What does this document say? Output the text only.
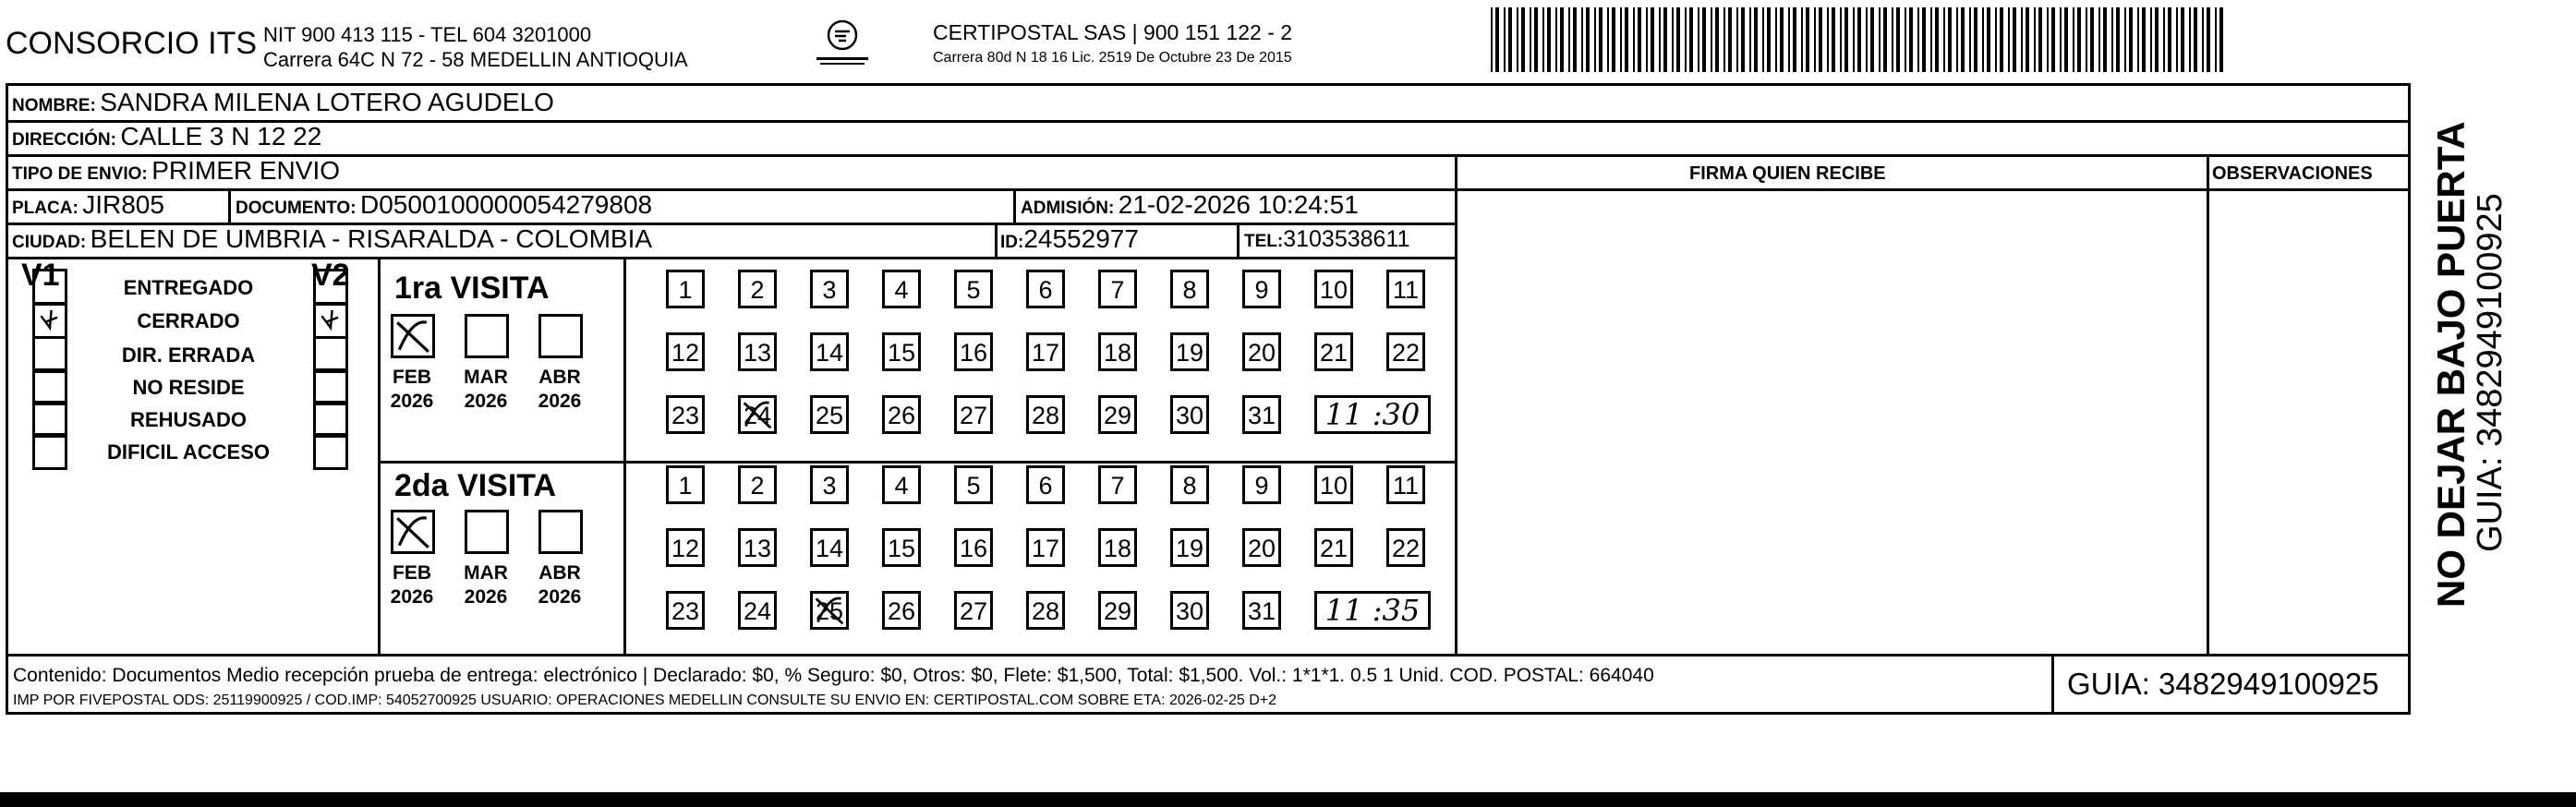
CONSORCIO ITS NIT 900 413 115 - TEL 604 3201000
Carrera 64C N 72 - 58 MEDELLIN ANTIOQUIA
CERTIPOSTAL SAS | 900 151 122 - 2
Carrera 80d N 18 16 Lic. 2519 De Octubre 23 De 2015
NOMBRE: SANDRA MILENA LOTERO AGUDELO
DIRECCIÓN: CALLE 3 N 12 22
TIPO DE ENVIO: PRIMER ENVIO	FIRMA QUIEN RECIBE	OBSERVACIONES
PLACA: JIR805	DOCUMENTO: D0500100000054279808	ADMISIÓN: 21-02-2026 10:24:51
CIUDAD: BELEN DE UMBRIA - RISARALDA - COLOMBIA	ID:24552977	TEL:3103538611
V1	V2
ENTREGADO
CERRADO
DIR. ERRADA
NO RESIDE
REHUSADO
DIFICIL ACCESO
1ra VISITA
FEB
2026
MAR
2026
ABR
2026
1	2	3	4	5	6	7	8	9	10 11
12 13 14 15 16 17 18 19 20 21 22
23 24 25 26 27 28 29 30 31	11 :30
2da VISITA
FEB
2026
MAR
2026
ABR
2026
1	2	3	4	5	6	7	8	9	10 11
12 13 14 15 16 17 18 19 20 21 22
23 24 25 26 27 28 29 30 31	11 :35
GUIA: 3482949100925
Contenido: Documentos Medio recepción prueba de entrega: electrónico | Declarado: $0, % Seguro: $0, Otros: $0, Flete: $1,500, Total: $1,500. Vol.: 1*1*1. 0.5 1 Unid. COD. POSTAL: 664040
IMP POR FIVEPOSTAL ODS: 25119900925 / COD.IMP: 54052700925 USUARIO: OPERACIONES MEDELLIN CONSULTE SU ENVIO EN: CERTIPOSTAL.COM SOBRE ETA: 2026-02-25 D+2
NO DEJAR BAJO PUERTA
GUIA: 3482949100925
